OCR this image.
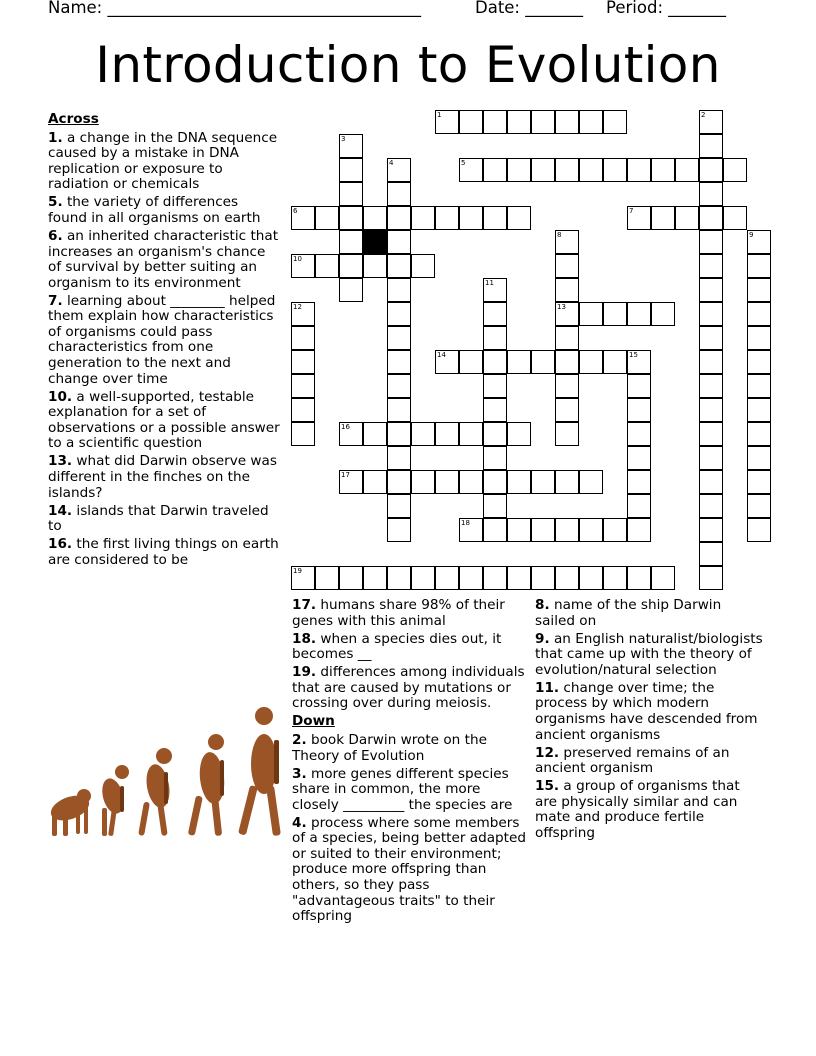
Name: ______________________________________	Date: _______ Period: _______
Introduction to Evolution
1	2
3
4	5
6	7
8
13
9
10
11
12
14	15
16
17
18
19
Across
1. a change in the DNA sequence caused by a mistake in DNA replication or exposure to radiation or chemicals
5. the variety of differences found in all organisms on earth
6. an inherited characteristic that increases an organism's chance of survival by better suiting an organism to its environment
7. learning about ________ helped them explain how characteristics of organisms could pass characteristics from one generation to the next and change over time
10. a well-supported, testable explanation for a set of observations or a possible answer to a scientific question
13. what did Darwin observe was different in the finches on the islands?
14. islands that Darwin traveled to
16. the first living things on earth are considered to be
17. humans share 98% of their genes with this animal
18. when a species dies out, it becomes __
19. differences among individuals that are caused by mutations or crossing over during meiosis.
Down
2. book Darwin wrote on the Theory of Evolution
3. more genes different species share in common, the more closely _________ the species are
4. process where some members of a species, being better adapted or suited to their environment; produce more offspring than others, so they pass "advantageous traits" to their offspring
8. name of the ship Darwin sailed on
9. an English naturalist/biologists that came up with the theory of evolution/natural selection
11. change over time; the process by which modern organisms have descended from ancient organisms
12. preserved remains of an ancient organism
15. a group of organisms that are physically similar and can mate and produce fertile offspring
